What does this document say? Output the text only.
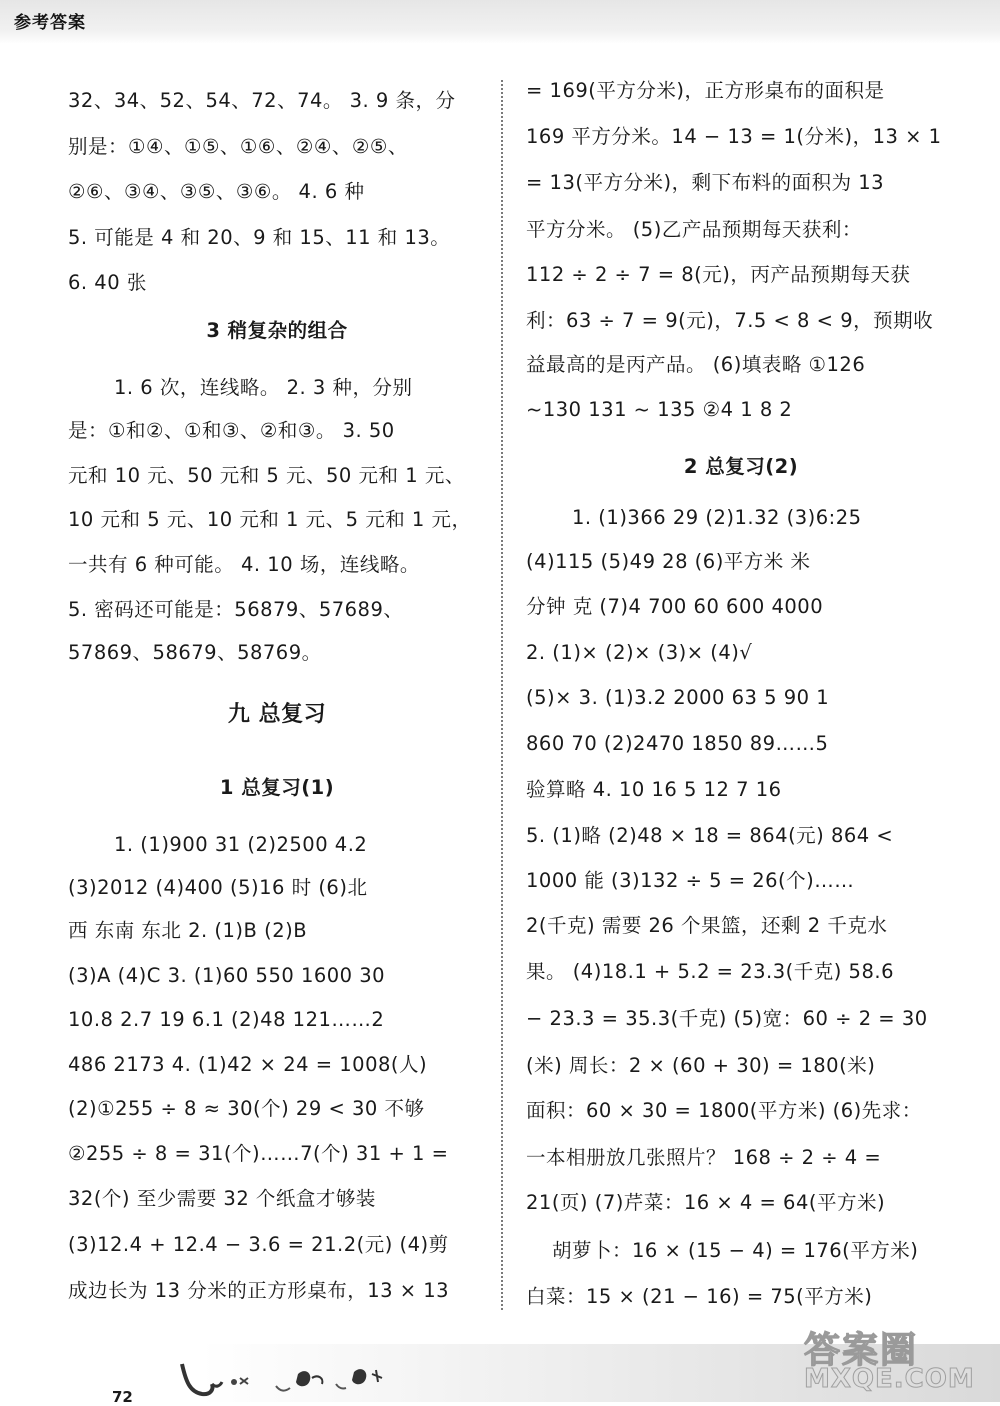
参考答案
32、34、52、54、72、74。 3. 9 条，分
别是：①④、①⑤、①⑥、②④、②⑤、
②⑥、③④、③⑤、③⑥。 4. 6 种
5. 可能是 4 和 20、9 和 15、11 和 13。
6. 40 张
3 稍复杂的组合
1. 6 次，连线略。 2. 3 种，分别
是：①和②、①和③、②和③。 3. 50
元和 10 元、50 元和 5 元、50 元和 1 元、
10 元和 5 元、10 元和 1 元、5 元和 1 元，
一共有 6 种可能。 4. 10 场，连线略。
5. 密码还可能是：56879、57689、
57869、58679、58769。
九 总复习
1 总复习(1)
1. (1)900 31 (2)2500 4.2
(3)2012 (4)400 (5)16 时 (6)北
西 东南 东北 2. (1)B (2)B
(3)A (4)C 3. (1)60 550 1600 30
10.8 2.7 19 6.1 (2)48 121……2
486 2173 4. (1)42 × 24 = 1008(人)
(2)①255 ÷ 8 ≈ 30(个) 29 < 30 不够
②255 ÷ 8 = 31(个)……7(个) 31 + 1 =
32(个) 至少需要 32 个纸盒才够装
(3)12.4 + 12.4 − 3.6 = 21.2(元) (4)剪
成边长为 13 分米的正方形桌布，13 × 13
= 169(平方分米)，正方形桌布的面积是
169 平方分米。14 − 13 = 1(分米)，13 × 1
= 13(平方分米)，剩下布料的面积为 13
平方分米。 (5)乙产品预期每天获利：
112 ÷ 2 ÷ 7 = 8(元)，丙产品预期每天获
利：63 ÷ 7 = 9(元)，7.5 < 8 < 9，预期收
益最高的是丙产品。 (6)填表略 ①126
~130 131 ~ 135 ②4 1 8 2
2 总复习(2)
1. (1)366 29 (2)1.32 (3)6:25
(4)115 (5)49 28 (6)平方米 米
分钟 克 (7)4 700 60 600 4000
2. (1)× (2)× (3)× (4)√
(5)× 3. (1)3.2 2000 63 5 90 1
860 70 (2)2470 1850 89……5
验算略 4. 10 16 5 12 7 16
5. (1)略 (2)48 × 18 = 864(元) 864 <
1000 能 (3)132 ÷ 5 = 26(个)……
2(千克) 需要 26 个果篮，还剩 2 千克水
果。 (4)18.1 + 5.2 = 23.3(千克) 58.6
− 23.3 = 35.3(千克) (5)宽：60 ÷ 2 = 30
(米) 周长：2 × (60 + 30) = 180(米)
面积：60 × 30 = 1800(平方米) (6)先求：
一本相册放几张照片？ 168 ÷ 2 ÷ 4 =
21(页) (7)芹菜：16 × 4 = 64(平方米)
胡萝卜：16 × (15 − 4) = 176(平方米)
白菜：15 × (21 − 16) = 75(平方米)
72
答案圈
MXQE.COM
